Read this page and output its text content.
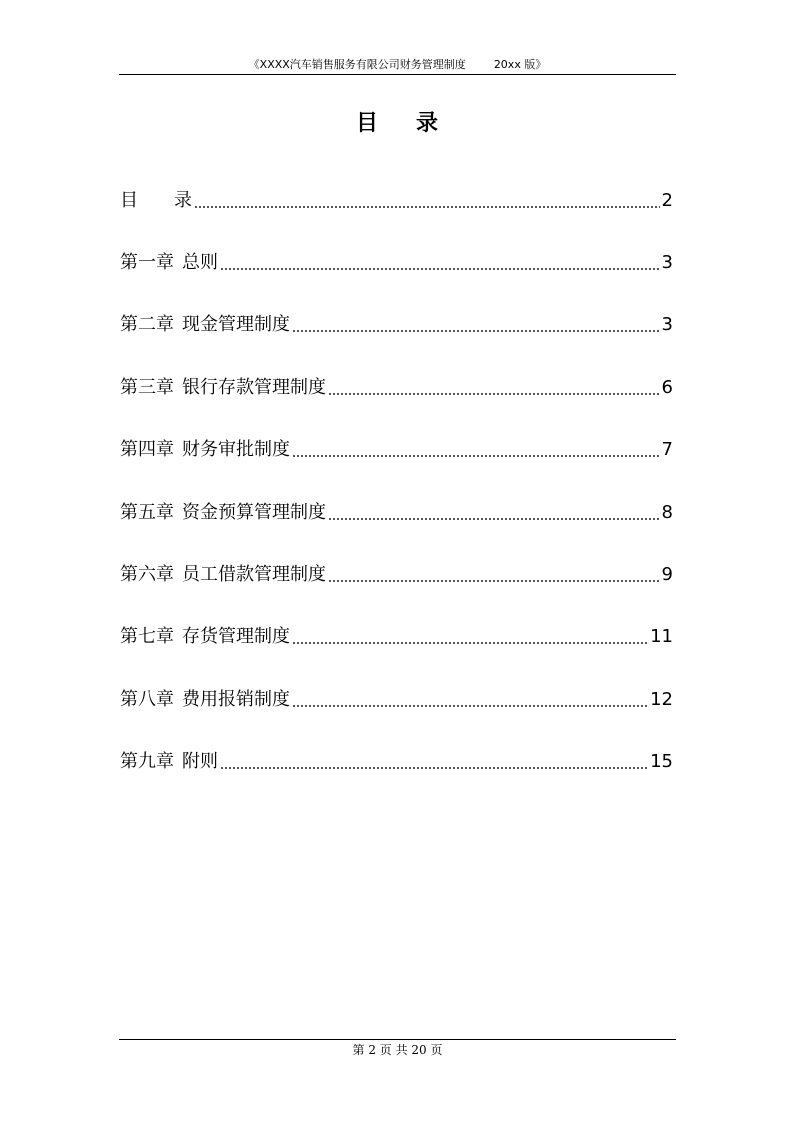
《XXXX汽车销售服务有限公司财务管理制度	20xx 版》
目 录
目 录	2
第一章 总则	3
第二章 现金管理制度	3
第三章 银行存款管理制度	6
第四章 财务审批制度	7
第五章 资金预算管理制度	8
第六章 员工借款管理制度	9
第七章 存货管理制度	11
第八章 费用报销制度	12
第九章 附则	15
第 2 页 共 20 页
